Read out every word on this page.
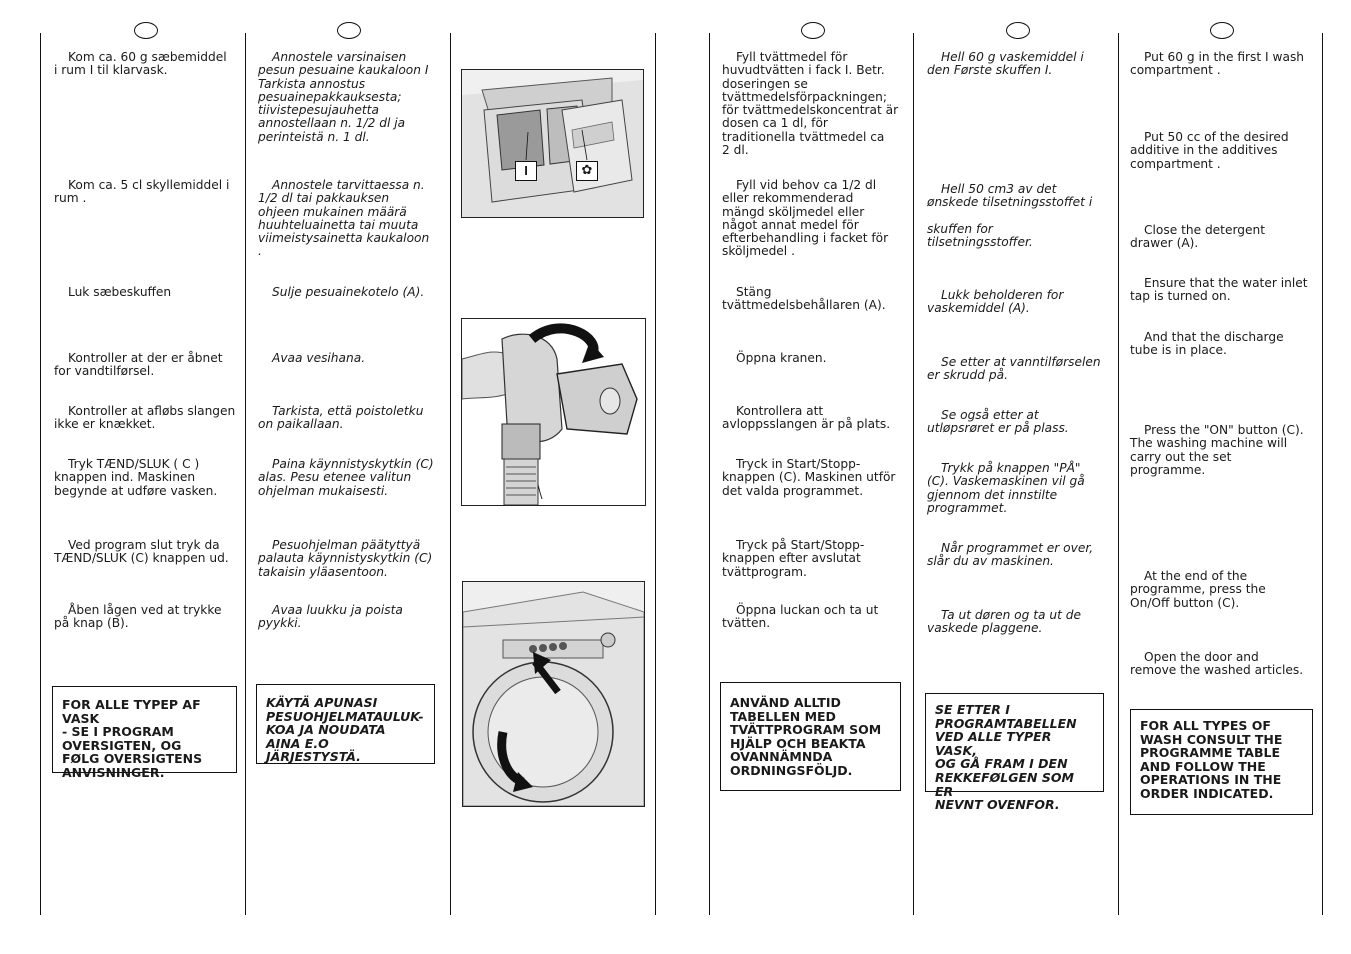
Kom ca. 60 g sæbemiddel
i rum I til klarvask.

Kom ca. 5 cl skyllemiddel i
rum .

Luk sæbeskuffen

Kontroller at der er åbnet
for vandtilførsel.

Kontroller at afløbs slangen
ikke er knækket.

Tryk TÆND/SLUK ( C )
knappen ind. Maskinen
begynde at udføre vasken.

Ved program slut tryk da
TÆND/SLUK (C) knappen ud.

Åben lågen ved at trykke
på knap (B).

FOR ALLE TYPEP AF VASK
- SE I PROGRAM
OVERSIGTEN, OG
FØLG OVERSIGTENS
ANVISNINGER.

Annostele varsinaisen
pesun pesuaine kaukaloon I
Tarkista annostus
pesuainepakkauksesta;
tiivistepesujauhetta
annostellaan n. 1/2 dl ja
perinteistä n. 1 dl.

Annostele tarvittaessa n.
1/2 dl tai pakkauksen
ohjeen mukainen määrä
huuhteluainetta tai muuta
viimeistysainetta kaukaloon
.

Sulje pesuainekotelo (A).

Avaa vesihana.

Tarkista, että poistoletku
on paikallaan.

Paina käynnistyskytkin (C)
alas. Pesu etenee valitun
ohjelman mukaisesti.

Pesuohjelman päätyttyä
palauta käynnistyskytkin (C)
takaisin yläasentoon.

Avaa luukku ja poista
pyykki.

KÄYTÄ APUNASI
PESUOHJELMATAULUK-
KOA JA NOUDATA
AINA E.O JÄRJESTYSTÄ.
I	✿

Fyll tvättmedel för
huvudtvätten i fack I. Betr.
doseringen se
tvättmedelsförpackningen;
för tvättmedelskoncentrat är
dosen ca 1 dl, för
traditionella tvättmedel ca
2 dl.

Fyll vid behov ca 1/2 dl
eller rekommenderad
mängd sköljmedel eller
något annat medel för
efterbehandling i facket för
sköljmedel .

Stäng
tvättmedelsbehållaren (A).

Öppna kranen.

Kontrollera att
avloppsslangen är på plats.

Tryck in Start/Stopp-
knappen (C). Maskinen utför
det valda programmet.

Tryck på Start/Stopp-
knappen efter avslutat
tvättprogram.

Öppna luckan och ta ut
tvätten.

ANVÄND ALLTID
TABELLEN MED
TVÄTTPROGRAM SOM
HJÄLP OCH BEAKTA
OVANNÄMNDA
ORDNINGSFÖLJD.

Hell 60 g vaskemiddel i
den Første skuffen I.

Hell 50 cm3 av det
ønskede tilsetningsstoffet i

skuffen for
tilsetningsstoffer.

Lukk beholderen for
vaskemiddel (A).

Se etter at vanntilførselen
er skrudd på.

Se også etter at
utløpsrøret er på plass.

Trykk på knappen "PÅ"
(C). Vaskemaskinen vil gå
gjennom det innstilte
programmet.

Når programmet er over,
slår du av maskinen.

Ta ut døren og ta ut de
vaskede plaggene.

SE ETTER I
PROGRAMTABELLEN
VED ALLE TYPER VASK,
OG GÅ FRAM I DEN
REKKEFØLGEN SOM ER
NEVNT OVENFOR.

Put 60 g in the first I wash
compartment .

Put 50 cc of the desired
additive in the additives
compartment .

Close the detergent
drawer (A).

Ensure that the water inlet
tap is turned on.

And that the discharge
tube is in place.

Press the "ON" button (C).
The washing machine will
carry out the set
programme.

At the end of the
programme, press the
On/Off button (C).

Open the door and
remove the washed articles.

FOR ALL TYPES OF
WASH CONSULT THE
PROGRAMME TABLE
AND FOLLOW THE
OPERATIONS IN THE
ORDER INDICATED.
